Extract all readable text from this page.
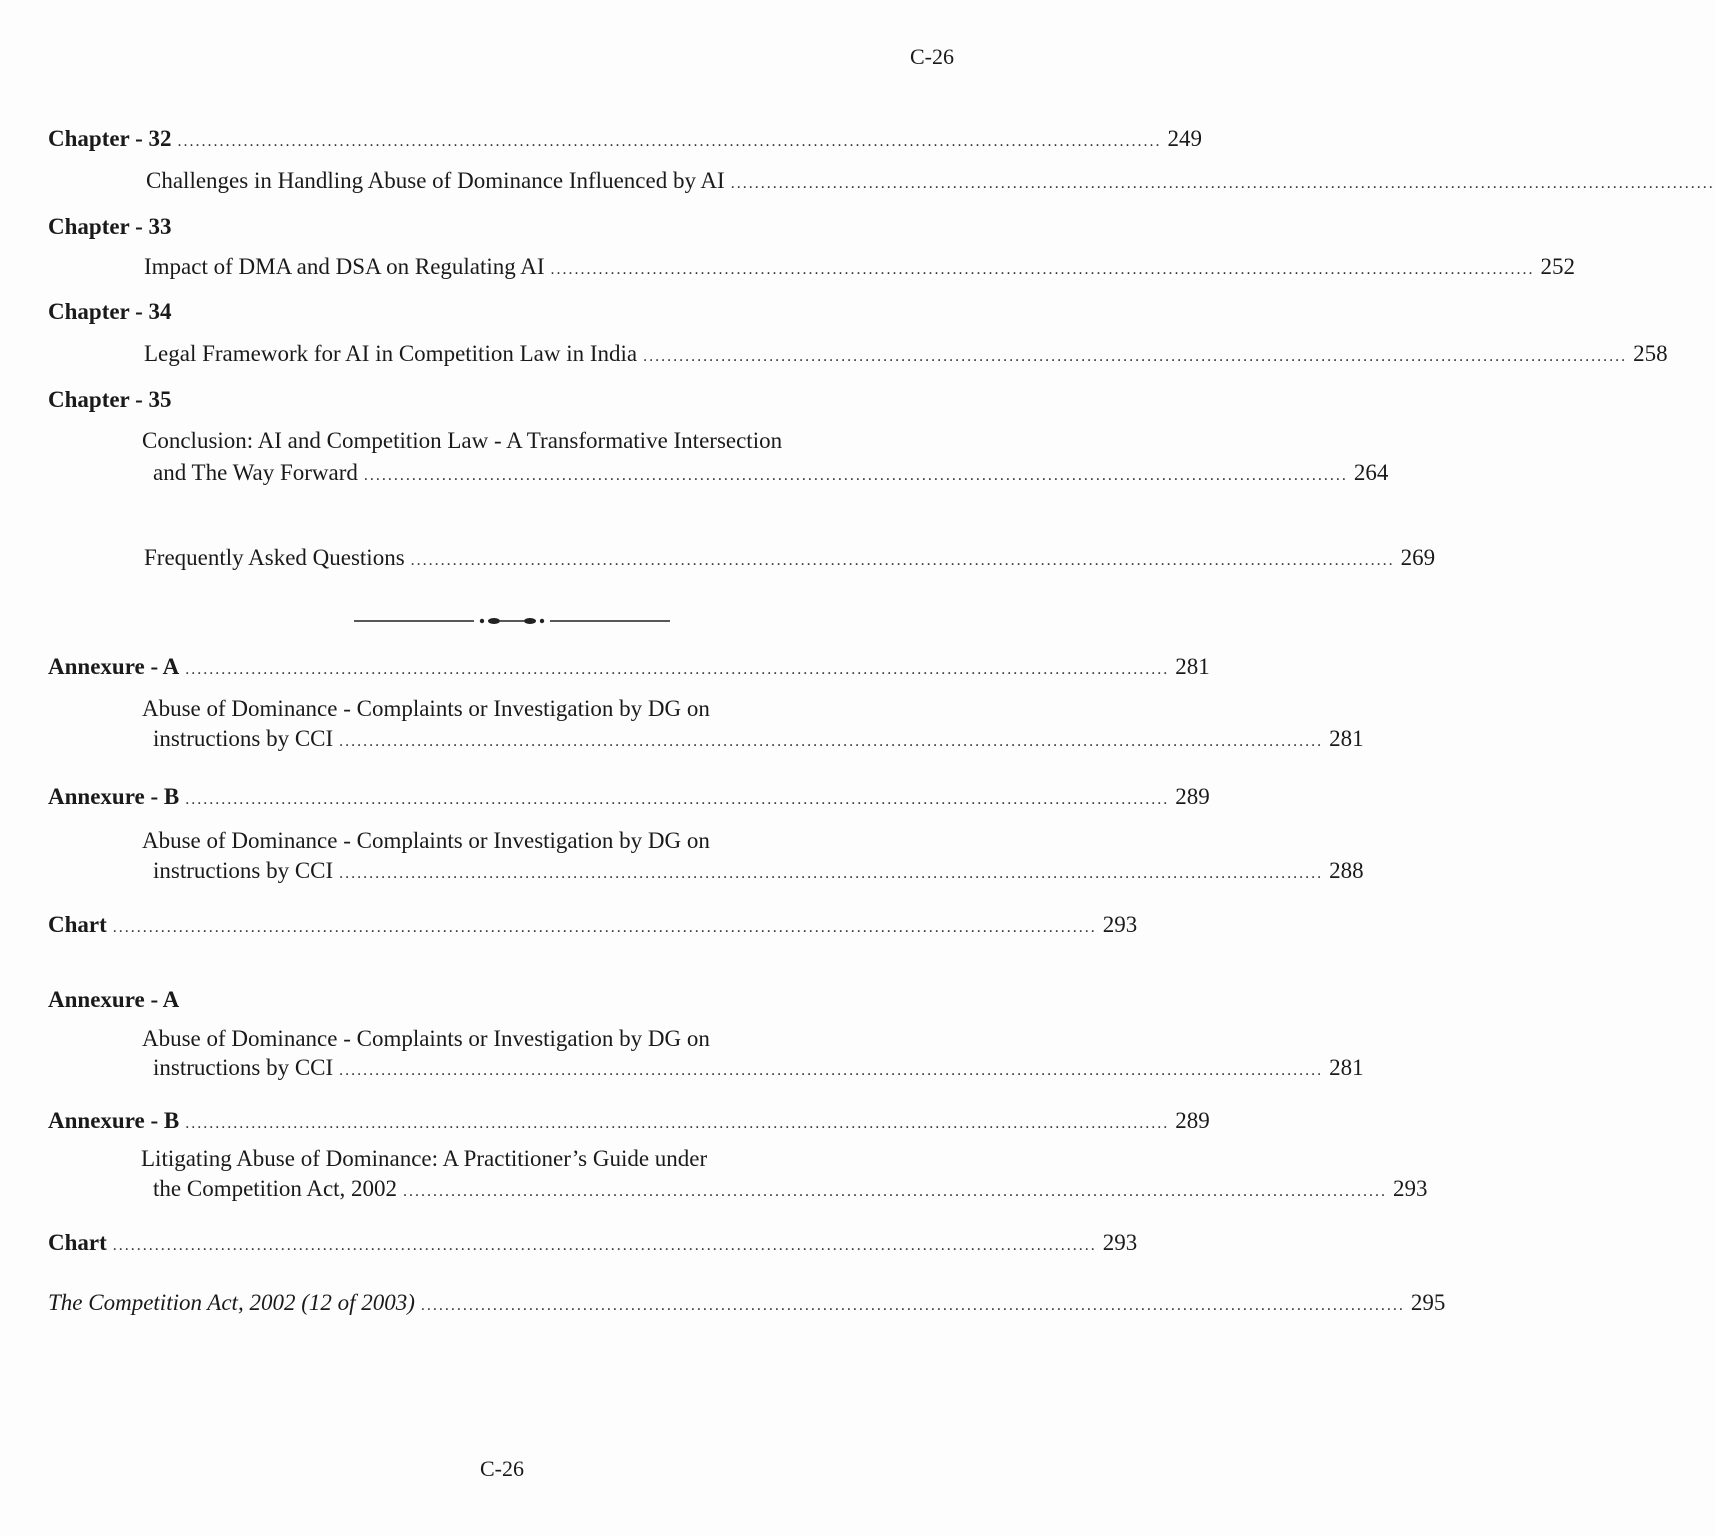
C-26
Chapter - 32 .................................................................................................................................................................... 249
Challenges in Handling Abuse of Dominance Influenced by AI ....................................................................................................................................................................
Chapter - 33
Impact of DMA and DSA on Regulating AI .................................................................................................................................................................... 252
Chapter - 34
Legal Framework for AI in Competition Law in India .................................................................................................................................................................... 258
Chapter - 35
Conclusion: AI and Competition Law - A Transformative Intersection
and The Way Forward .................................................................................................................................................................... 264
Frequently Asked Questions .................................................................................................................................................................... 269
Annexure - A .................................................................................................................................................................... 281
Abuse of Dominance - Complaints or Investigation by DG on
instructions by CCI .................................................................................................................................................................... 281
Annexure - B .................................................................................................................................................................... 289
Abuse of Dominance - Complaints or Investigation by DG on
instructions by CCI .................................................................................................................................................................... 288
Chart .................................................................................................................................................................... 293
Annexure - A
Abuse of Dominance - Complaints or Investigation by DG on
instructions by CCI .................................................................................................................................................................... 281
Annexure - B .................................................................................................................................................................... 289
Litigating Abuse of Dominance: A Practitioner’s Guide under
the Competition Act, 2002 .................................................................................................................................................................... 293
Chart .................................................................................................................................................................... 293
The Competition Act, 2002 (12 of 2003) .................................................................................................................................................................... 295
C-26
